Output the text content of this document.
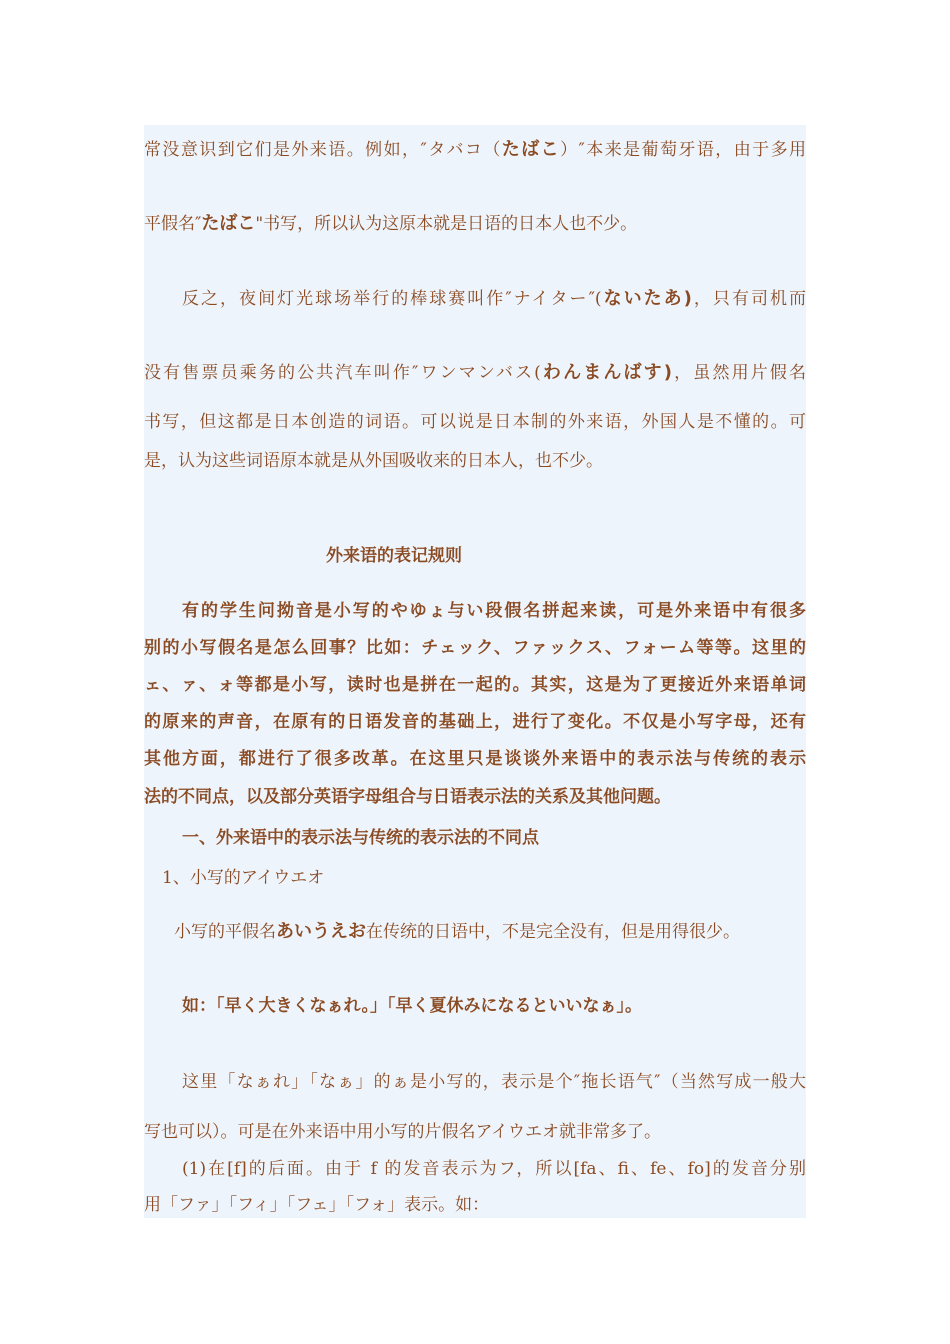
常没意识到它们是外来语。例如，″タバコ（たばこ）″本来是葡萄牙语，由于多用
平假名″たばこ"书写，所以认为这原本就是日语的日本人也不少。
反之，夜间灯光球场举行的棒球赛叫作″ナイター″(ないたあ)，只有司机而
没有售票员乘务的公共汽车叫作″ワンマンバス(わんまんばす)，虽然用片假名
书写，但这都是日本创造的词语。可以说是日本制的外来语，外国人是不懂的。可
是，认为这些词语原本就是从外国吸收来的日本人，也不少。
外来语的表记规则
有的学生问拗音是小写的やゆょ与い段假名拼起来读，可是外来语中有很多
别的小写假名是怎么回事？比如：チェック、ファックス、フォーム等等。这里的
ェ、ァ、ォ等都是小写，读时也是拼在一起的。其实，这是为了更接近外来语单词
的原来的声音，在原有的日语发音的基础上，进行了变化。不仅是小写字母，还有
其他方面，都进行了很多改革。在这里只是谈谈外来语中的表示法与传统的表示
法的不同点，以及部分英语字母组合与日语表示法的关系及其他问题。
一、外来语中的表示法与传统的表示法的不同点
1、小写的アイウエオ
小写的平假名あいうえお在传统的日语中，不是完全没有，但是用得很少。
如：「早く大きくなぁれ。」「早く夏休みになるといいなぁ」。
这里「なぁれ」「なぁ」的ぁ是小写的，表示是个″拖长语气″（当然写成一般大
写也可以）。可是在外来语中用小写的片假名アイウエオ就非常多了。
(1)在[f]的后面。由于 f 的发音表示为フ，所以[fa、fi、fe、fo]的发音分别
用「ファ」「フィ」「フェ」「フォ」表示。如：
